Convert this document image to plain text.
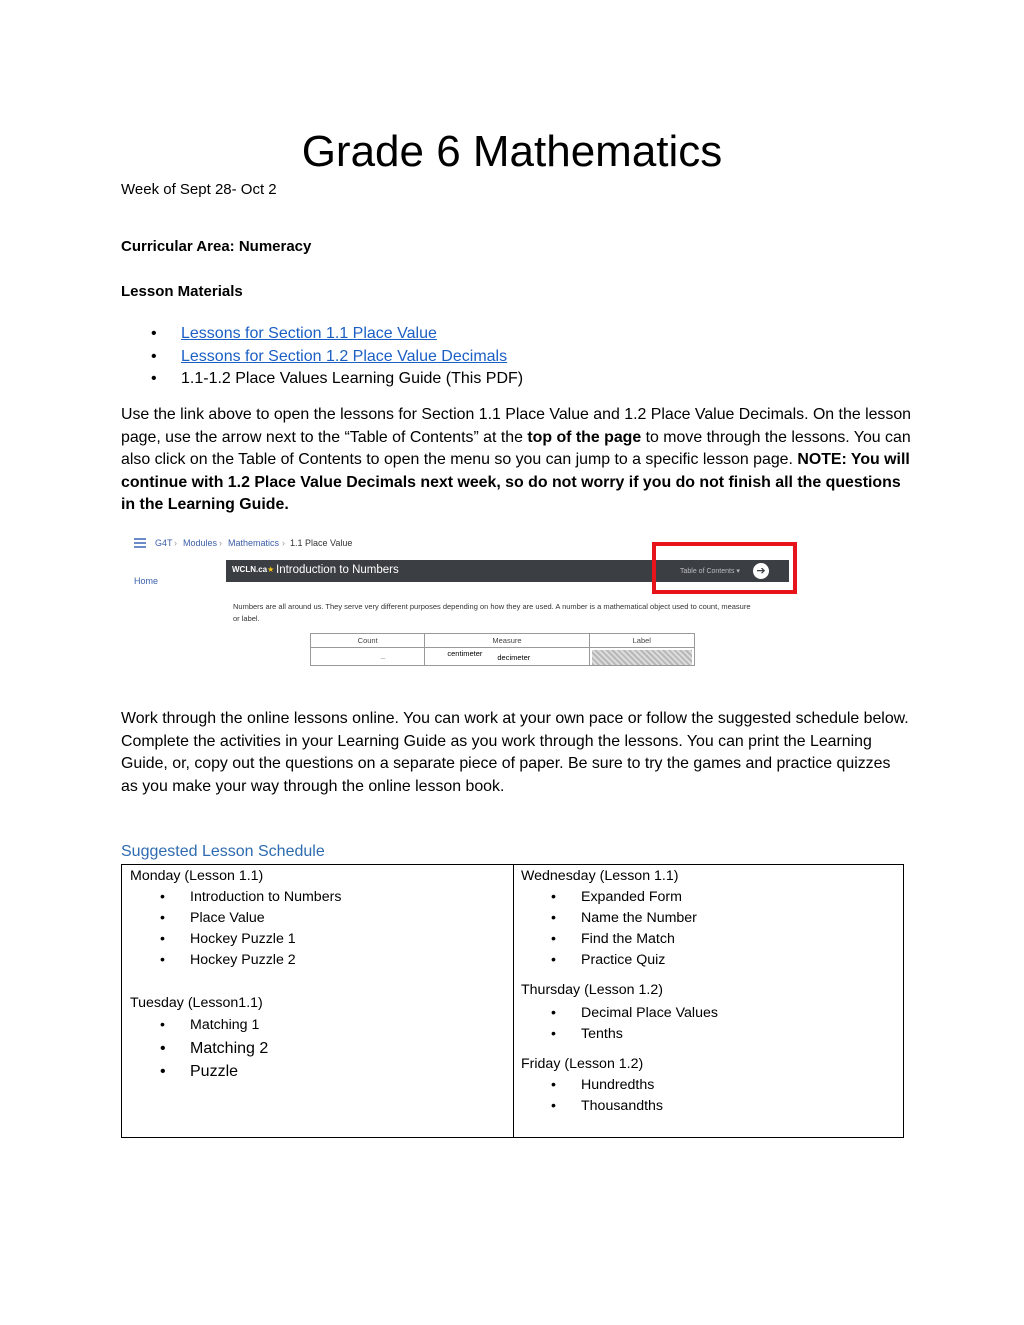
Grade 6 Mathematics
Week of Sept 28- Oct 2
Curricular Area: Numeracy
Lesson Materials
• Lessons for Section 1.1 Place Value
• Lessons for Section 1.2 Place Value Decimals
• 1.1-1.2 Place Values Learning Guide (This PDF)
Use the link above to open the lessons for Section 1.1 Place Value and 1.2 Place Value Decimals. On the lesson page, use the arrow next to the “Table of Contents” at the top of the page to move through the lessons. You can also click on the Table of Contents to open the menu so you can jump to a specific lesson page. NOTE: You will continue with 1.2 Place Value Decimals next week, so do not worry if you do not finish all the questions in the Learning Guide.
G4T › Modules › Mathematics › 1.1 Place Value
Home
WCLN.ca★ Introduction to Numbers	Table of Contents ▾	➔
Numbers are all around us. They serve very different purposes depending on how they are used. A number is a mathematical object used to count, measure or label.
Count	Measure	Label

_	centimeter decimeter	

Work through the online lessons online. You can work at your own pace or follow the suggested schedule below. Complete the activities in your Learning Guide as you work through the lessons. You can print the Learning Guide, or, copy out the questions on a separate piece of paper. Be sure to try the games and practice quizzes as you make your way through the online lesson book.
Suggested Lesson Schedule
Monday (Lesson 1.1)
• Introduction to Numbers
• Place Value
• Hockey Puzzle 1
• Hockey Puzzle 2
Tuesday (Lesson1.1)
• Matching 1
• Matching 2
• Puzzle
Wednesday (Lesson 1.1)
• Expanded Form
• Name the Number
• Find the Match
• Practice Quiz
Thursday (Lesson 1.2)
• Decimal Place Values
• Tenths
Friday (Lesson 1.2)
• Hundredths
• Thousandths
